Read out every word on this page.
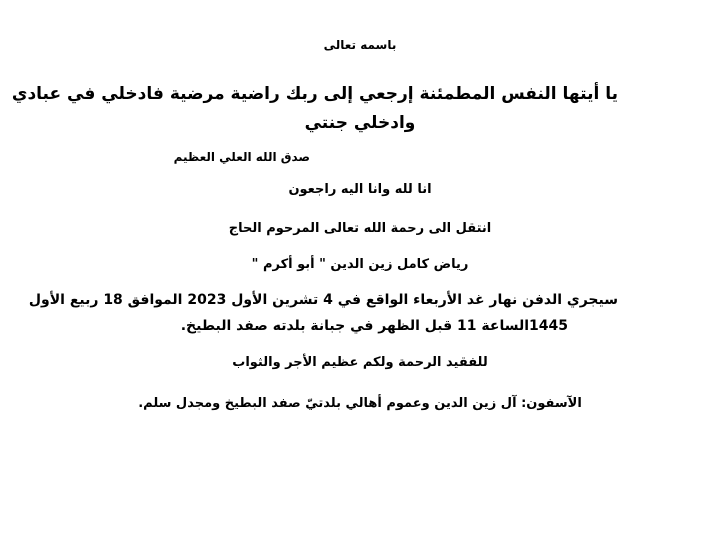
باسمه تعالى
يا أيتها النفس المطمئنة إرجعي إلى ربك راضية مرضية فادخلي في عبادي
وادخلي جنتي
صدق الله العلي العظيم
انا لله وانا اليه راجعون
انتقل الى رحمة الله تعالى المرحوم الحاج
رياض كامل زين الدين " أبو أكرم "
سيجري الدفن نهار غد الأربعاء الواقع في 4 تشرين الأول 2023 الموافق 18 ربيع الأول
1445الساعة 11 قبل الظهر في جبانة بلدته صفد البطيخ.
للفقيد الرحمة ولكم عظيم الأجر والثواب
الآسفون: آل زين الدين وعموم أهالي بلدتيّ صفد البطيخ ومجدل سلم.
